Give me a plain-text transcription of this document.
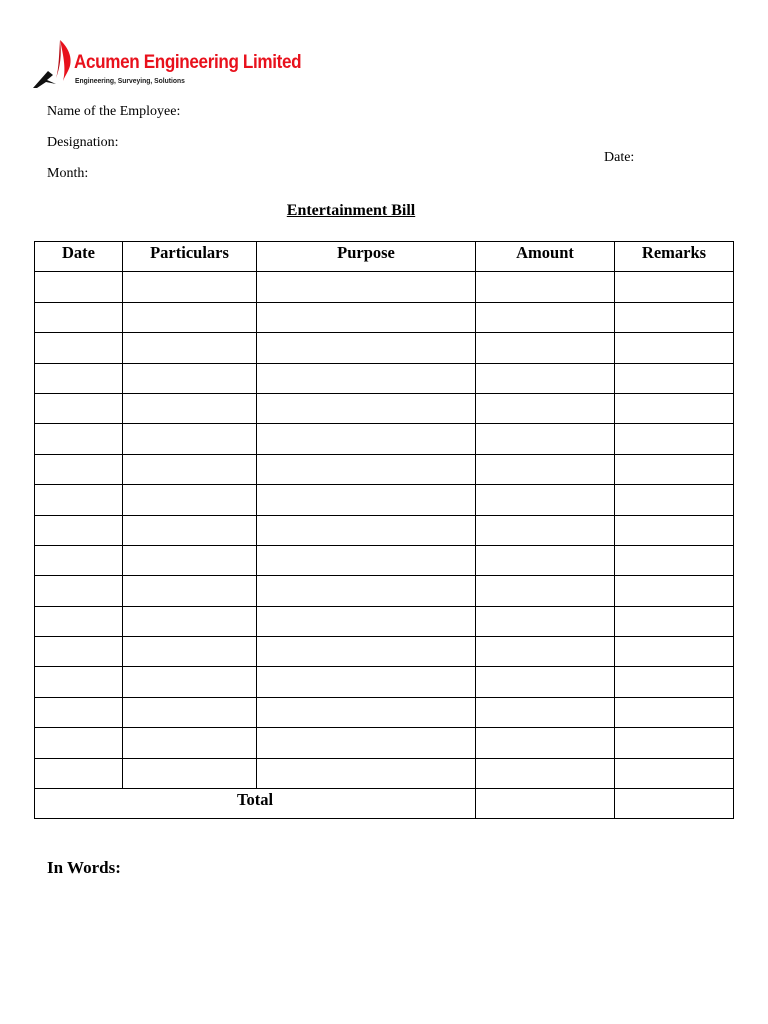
Acumen Engineering Limited
Engineering, Surveying, Solutions
Name of the Employee:
Designation:
Month:
Date:
Entertainment Bill
Date	Particulars	Purpose	Amount	Remarks

Total				
In Words:
